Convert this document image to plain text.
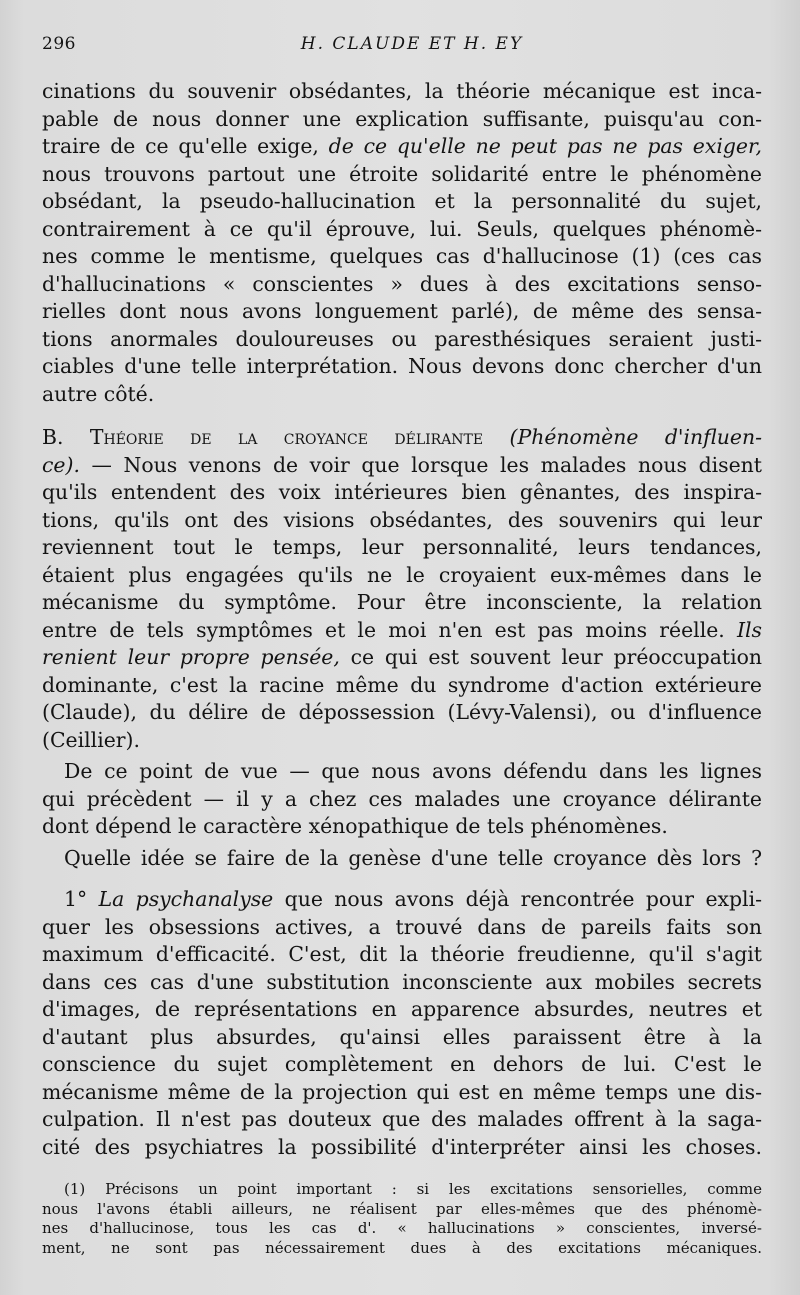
296	H. CLAUDE ET H. EY
cinations du souvenir obsédantes, la théorie mécanique est inca-
pable de nous donner une explication suffisante, puisqu'au con-
traire de ce qu'elle exige, de ce qu'elle ne peut pas ne pas exiger,
nous trouvons partout une étroite solidarité entre le phénomène
obsédant, la pseudo-hallucination et la personnalité du sujet,
contrairement à ce qu'il éprouve, lui. Seuls, quelques phénomè-
nes comme le mentisme, quelques cas d'hallucinose (1) (ces cas
d'hallucinations « conscientes » dues à des excitations senso-
rielles dont nous avons longuement parlé), de même des sensa-
tions anormales douloureuses ou paresthésiques seraient justi-
ciables d'une telle interprétation. Nous devons donc chercher d'un
autre côté.
B. Théorie de la croyance délirante (Phénomène d'influen-
ce). — Nous venons de voir que lorsque les malades nous disent
qu'ils entendent des voix intérieures bien gênantes, des inspira-
tions, qu'ils ont des visions obsédantes, des souvenirs qui leur
reviennent tout le temps, leur personnalité, leurs tendances,
étaient plus engagées qu'ils ne le croyaient eux-mêmes dans le
mécanisme du symptôme. Pour être inconsciente, la relation
entre de tels symptômes et le moi n'en est pas moins réelle. Ils
renient leur propre pensée, ce qui est souvent leur préoccupation
dominante, c'est la racine même du syndrome d'action extérieure
(Claude), du délire de dépossession (Lévy-Valensi), ou d'influence
(Ceillier).
De ce point de vue — que nous avons défendu dans les lignes
qui précèdent — il y a chez ces malades une croyance délirante
dont dépend le caractère xénopathique de tels phénomènes.
Quelle idée se faire de la genèse d'une telle croyance dès lors ?
1° La psychanalyse que nous avons déjà rencontrée pour expli-
quer les obsessions actives, a trouvé dans de pareils faits son
maximum d'efficacité. C'est, dit la théorie freudienne, qu'il s'agit
dans ces cas d'une substitution inconsciente aux mobiles secrets
d'images, de représentations en apparence absurdes, neutres et
d'autant plus absurdes, qu'ainsi elles paraissent être à la
conscience du sujet complètement en dehors de lui. C'est le
mécanisme même de la projection qui est en même temps une dis-
culpation. Il n'est pas douteux que des malades offrent à la saga-
cité des psychiatres la possibilité d'interpréter ainsi les choses.
(1) Précisons un point important : si les excitations sensorielles, comme
nous l'avons établi ailleurs, ne réalisent par elles-mêmes que des phénomè-
nes d'hallucinose, tous les cas d'. « hallucinations » conscientes, inversé-
ment, ne sont pas nécessairement dues à des excitations mécaniques.
